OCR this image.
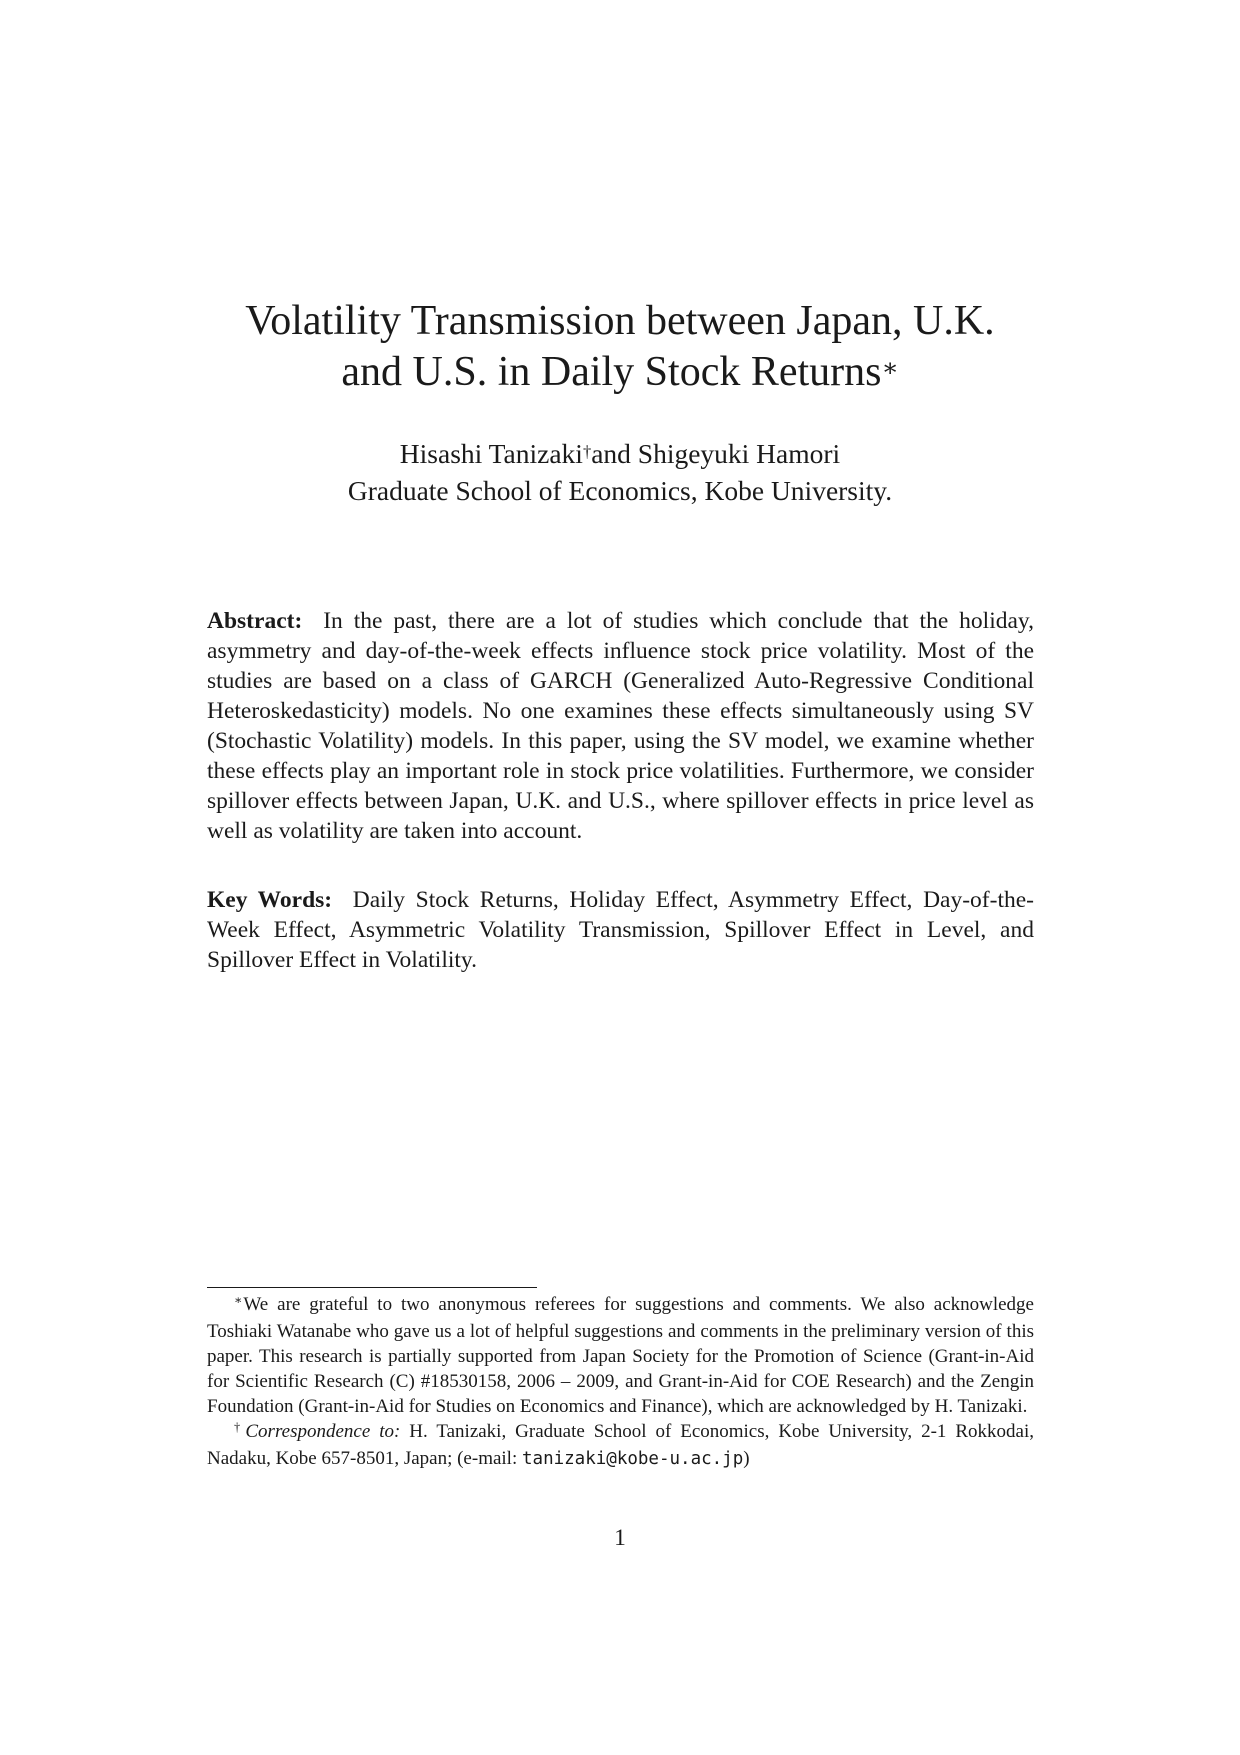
Volatility Transmission between Japan, U.K.
and U.S. in Daily Stock Returns∗
Hisashi Tanizaki†and Shigeyuki Hamori
Graduate School of Economics, Kobe University.
Abstract: In the past, there are a lot of studies which conclude that the holiday, asymmetry and day-of-the-week effects influence stock price volatility. Most of the studies are based on a class of GARCH (Generalized Auto-Regressive Conditional Heteroskedasticity) models. No one examines these effects simultaneously using SV (Stochastic Volatility) models. In this paper, using the SV model, we examine whether these effects play an important role in stock price volatilities. Furthermore, we consider spillover effects between Japan, U.K. and U.S., where spillover effects in price level as well as volatility are taken into account.
Key Words: Daily Stock Returns, Holiday Effect, Asymmetry Effect, Day-of-the-Week Effect, Asymmetric Volatility Transmission, Spillover Effect in Level, and Spillover Effect in Volatility.

∗We are grateful to two anonymous referees for suggestions and comments. We also acknowledge Toshiaki Watanabe who gave us a lot of helpful suggestions and comments in the preliminary version of this paper. This research is partially supported from Japan Society for the Promotion of Science (Grant-in-Aid for Scientific Research (C) #18530158, 2006 – 2009, and Grant-in-Aid for COE Research) and the Zengin Foundation (Grant-in-Aid for Studies on Economics and Finance), which are acknowledged by H. Tanizaki.

†Correspondence to: H. Tanizaki, Graduate School of Economics, Kobe University, 2-1 Rokkodai, Nadaku, Kobe 657-8501, Japan; (e-mail: tanizaki@kobe-u.ac.jp)

1
